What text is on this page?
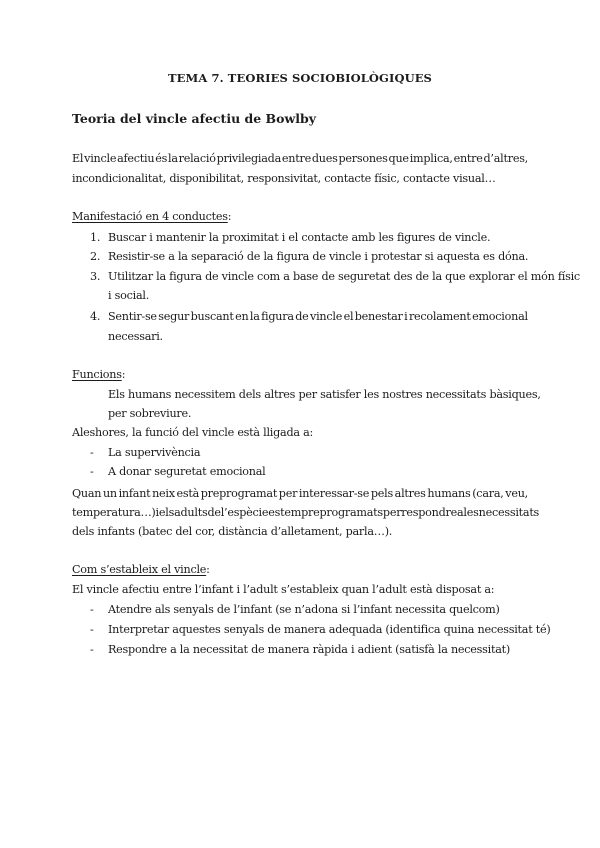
TEMA 7. TEORIES SOCIOBIOLÒGIQUES
Teoria del vincle afectiu de Bowlby
El vincle afectiu és la relació privilegiada entre dues persones que implica, entre d’altres,
incondicionalitat, disponibilitat, responsivitat, contacte físic, contacte visual…
Manifestació en 4 conductes:
1. Buscar i mantenir la proximitat i el contacte amb les figures de vincle.
2. Resistir-se a la separació de la figura de vincle i protestar si aquesta es dóna.
3. Utilitzar la figura de vincle com a base de seguretat des de la que explorar el món físic
i social.
4. Sentir-se segur buscant en la figura de vincle el benestar i recolament emocional
necessari.
Funcions:
Els humans necessitem dels altres per satisfer les nostres necessitats bàsiques,
per sobreviure.
Aleshores, la funció del vincle està lligada a:
- La supervivència
- A donar seguretat emocional
Quan un infant neix està preprogramat per interessar-se pels altres humans (cara, veu,
temperatura…) i els adults de l’espècie estem preprogramats per respondre a les necessitats
dels infants (batec del cor, distància d’alletament, parla…).
Com s’estableix el vincle:
El vincle afectiu entre l’infant i l’adult s’estableix quan l’adult està disposat a:
- Atendre als senyals de l’infant (se n’adona si l’infant necessita quelcom)
- Interpretar aquestes senyals de manera adequada (identifica quina necessitat té)
- Respondre a la necessitat de manera ràpida i adient (satisfà la necessitat)
